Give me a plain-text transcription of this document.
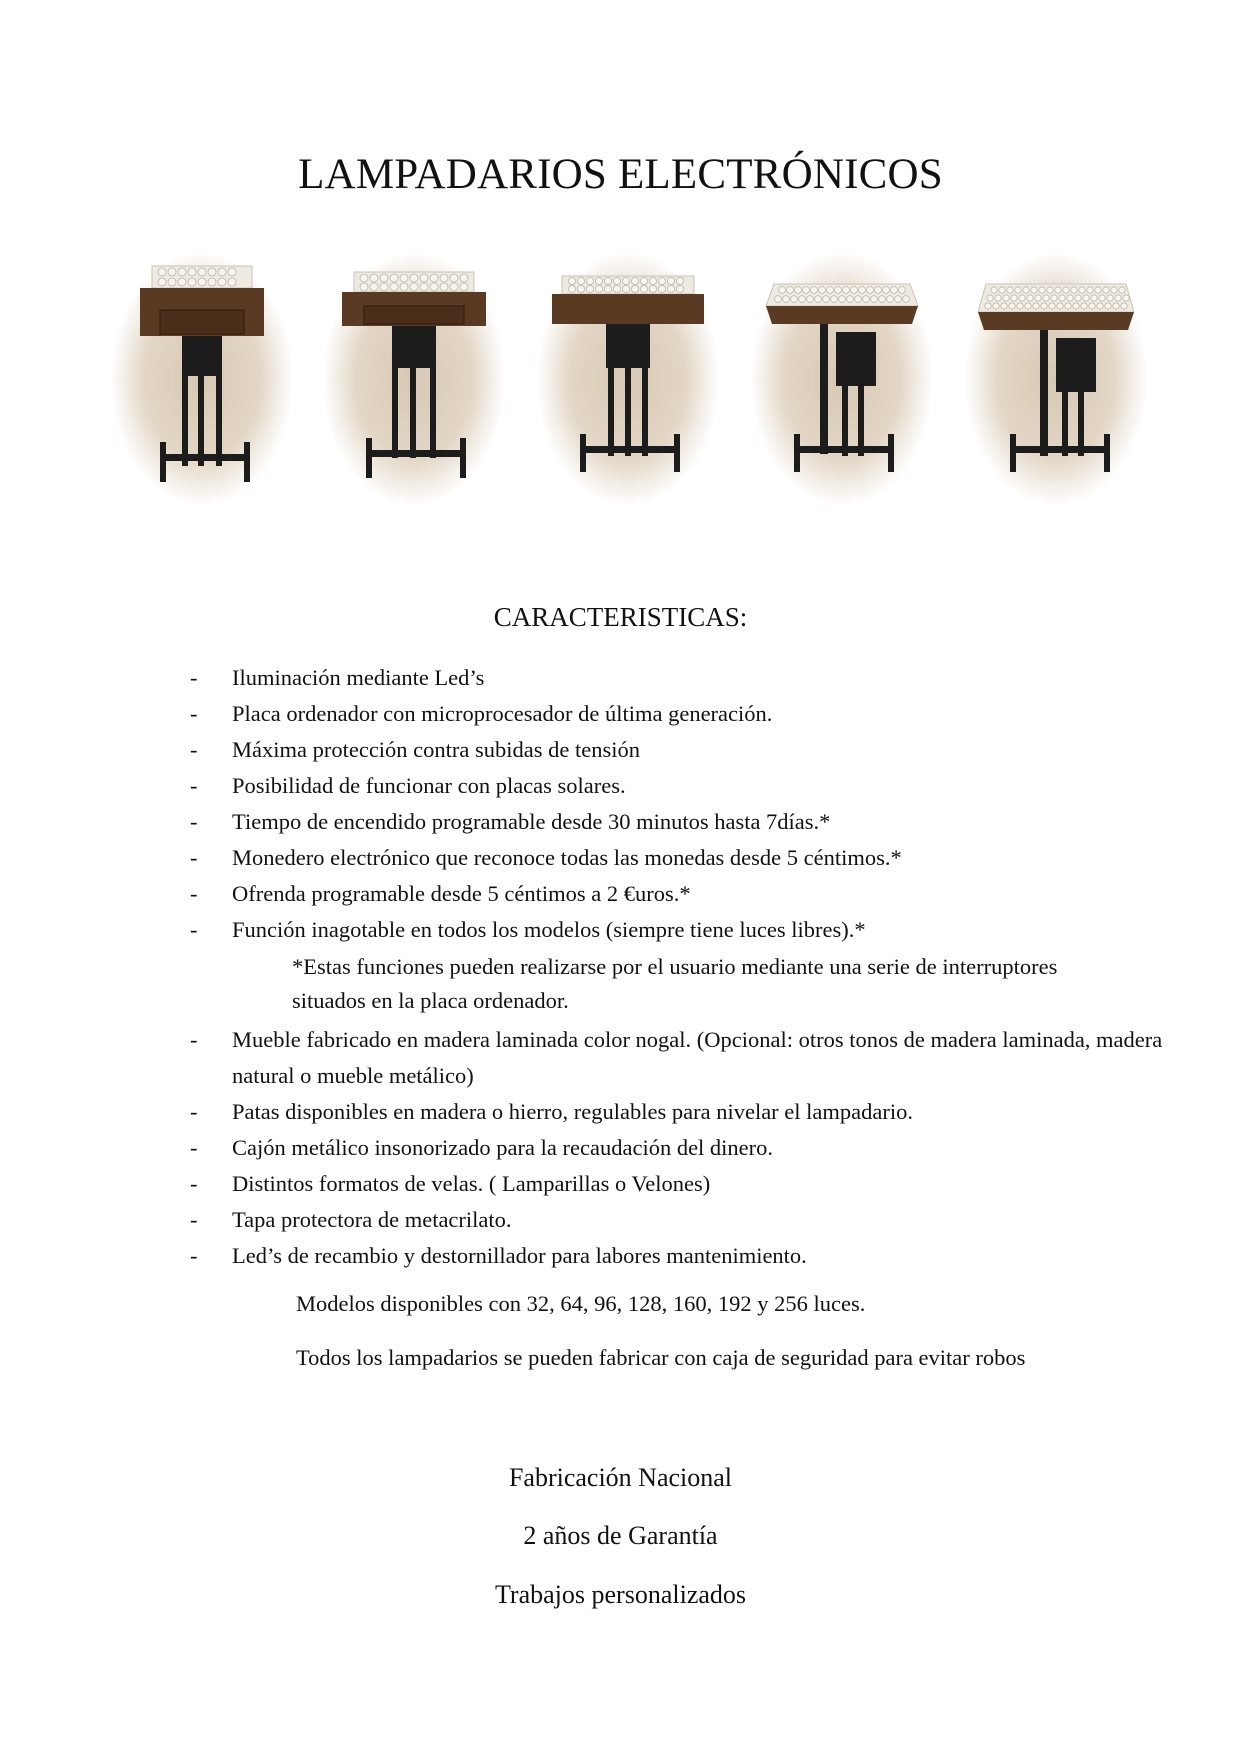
LAMPADARIOS ELECTRÓNICOS
CARACTERISTICAS:
- Iluminación mediante Led’s
- Placa ordenador con microprocesador de última generación.
- Máxima protección contra subidas de tensión
- Posibilidad de funcionar con placas solares.
- Tiempo de encendido programable desde 30 minutos hasta 7días.*
- Monedero electrónico que reconoce todas las monedas desde 5 céntimos.*
- Ofrenda programable desde 5 céntimos a 2 €uros.*
- Función inagotable en todos los modelos (siempre tiene luces libres).*
*Estas funciones pueden realizarse por el usuario mediante una serie de interruptores
situados en la placa ordenador.
- Mueble fabricado en madera laminada color nogal. (Opcional: otros tonos de madera laminada, madera natural o mueble metálico)
- Patas disponibles en madera o hierro, regulables para nivelar el lampadario.
- Cajón metálico insonorizado para la recaudación del dinero.
- Distintos formatos de velas. ( Lamparillas o Velones)
- Tapa protectora de metacrilato.
- Led’s de recambio y destornillador para labores mantenimiento.

Modelos disponibles con 32, 64, 96, 128, 160, 192 y 256 luces.

Todos los lampadarios se pueden fabricar con caja de seguridad para evitar robos

Fabricación Nacional

2 años de Garantía

Trabajos personalizados
